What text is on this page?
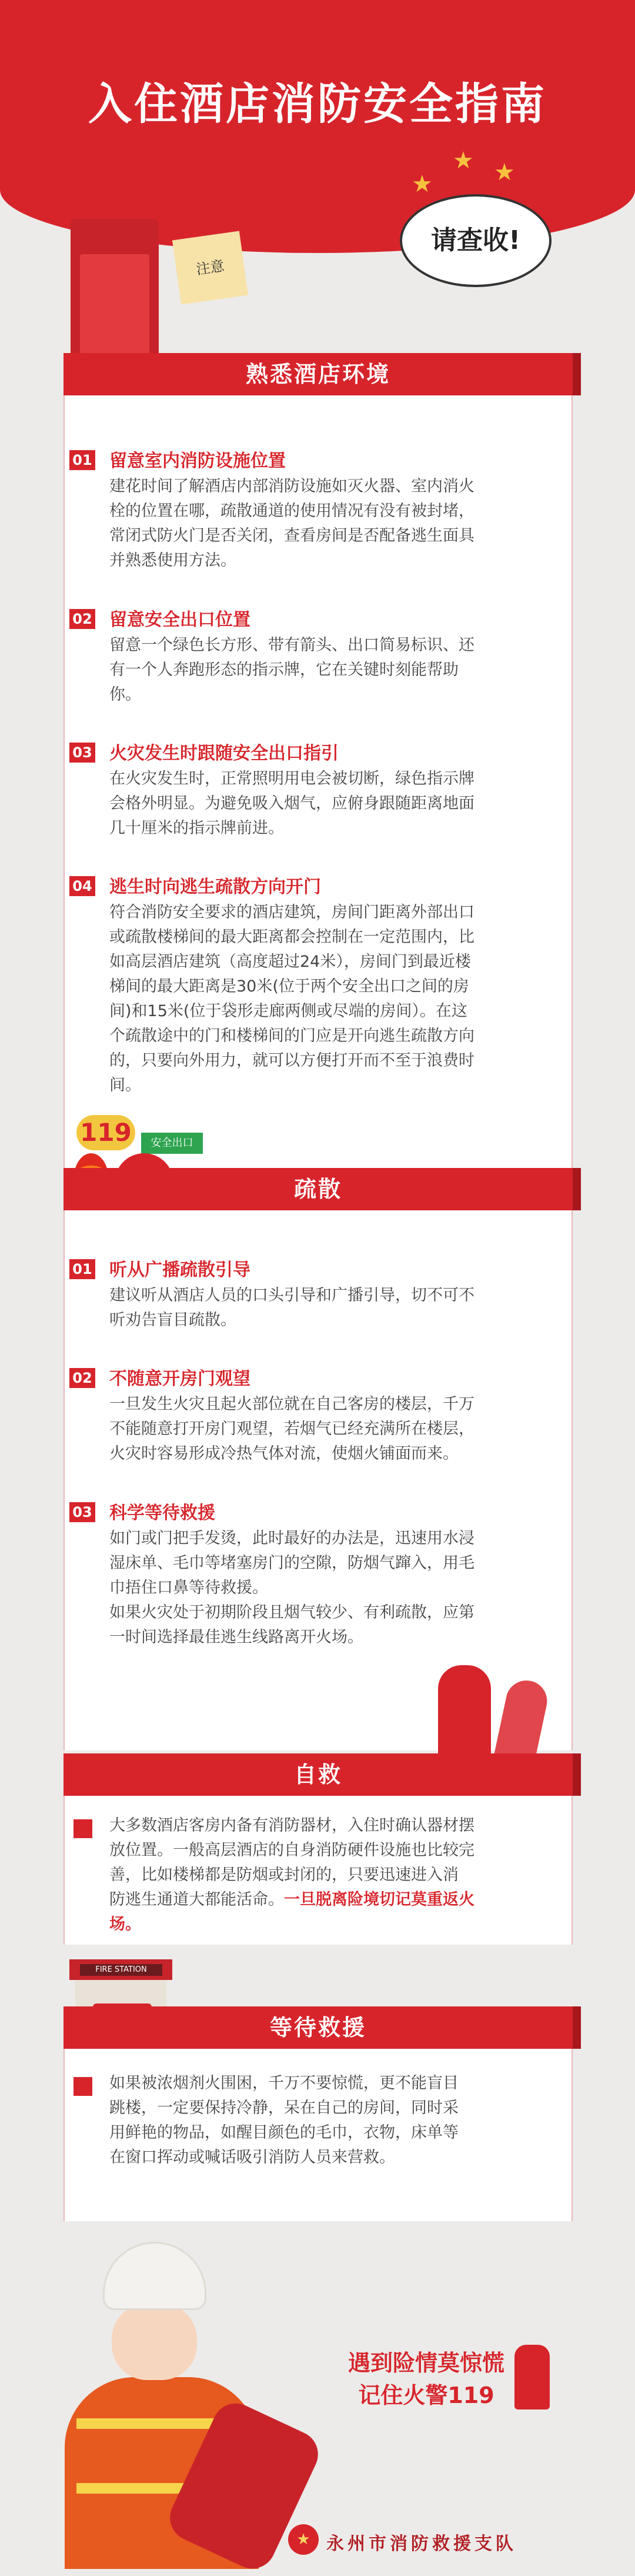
入住酒店消防安全指南
★
★ ★
请查收!
注意
熟悉酒店环境
01 留意室内消防设施位置
建花时间了解酒店内部消防设施如灭火器、室内消火
栓的位置在哪，疏散通道的使用情况有没有被封堵，
常闭式防火门是否关闭，查看房间是否配备逃生面具
并熟悉使用方法。
02 留意安全出口位置
留意一个绿色长方形、带有箭头、出口简易标识、还
有一个人奔跑形态的指示牌，它在关键时刻能帮助
你。
03 火灾发生时跟随安全出口指引
在火灾发生时，正常照明用电会被切断，绿色指示牌
会格外明显。为避免吸入烟气，应俯身跟随距离地面
几十厘米的指示牌前进。
04 逃生时向逃生疏散方向开门
符合消防安全要求的酒店建筑，房间门距离外部出口
或疏散楼梯间的最大距离都会控制在一定范围内，比
如高层酒店建筑（高度超过24米），房间门到最近楼
梯间的最大距离是30米(位于两个安全出口之间的房
间)和15米(位于袋形走廊两侧或尽端的房间）。在这
个疏散途中的门和楼梯间的门应是开向逃生疏散方向
的，只要向外用力，就可以方便打开而不至于浪费时
间。
119	安全出口
疏散
01 听从广播疏散引导
建议听从酒店人员的口头引导和广播引导，切不可不
听劝告盲目疏散。
02 不随意开房门观望
一旦发生火灾且起火部位就在自己客房的楼层，千万
不能随意打开房门观望，若烟气已经充满所在楼层，
火灾时容易形成冷热气体对流，使烟火铺面而来。
03 科学等待救援
如门或门把手发烫，此时最好的办法是，迅速用水浸
湿床单、毛巾等堵塞房门的空隙，防烟气蹿入，用毛
巾捂住口鼻等待救援。
如果火灾处于初期阶段且烟气较少、有利疏散，应第
一时间选择最佳逃生线路离开火场。
自救
大多数酒店客房内备有消防器材，入住时确认器材摆
放位置。一般高层酒店的自身消防硬件设施也比较完
善，比如楼梯都是防烟或封闭的，只要迅速进入消
防逃生通道大都能活命。一旦脱离险境切记莫重返火
场。
FIRE STATION
等待救援
如果被浓烟剂火围困，千万不要惊慌，更不能盲目
跳楼，一定要保持冷静，呆在自己的房间，同时采
用鲜艳的物品，如醒目颜色的毛巾，衣物，床单等
在窗口挥动或喊话吸引消防人员来营救。
遇到险情莫惊慌
记住火警119
★ 永州市消防救援支队
